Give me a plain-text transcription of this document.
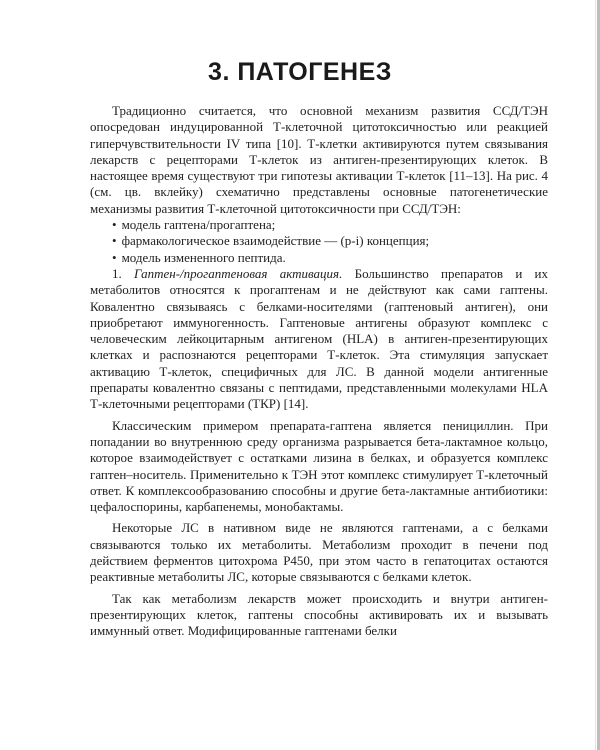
3. ПАТОГЕНЕЗ

Традиционно считается, что основной механизм развития ССД/ТЭН опосредован индуцированной Т-клеточной цитотоксичностью или реакцией гиперчувствительности IV типа [10]. Т-клетки активируются путем связывания лекарств с рецепторами Т-клеток из антиген-презентирующих клеток. В настоящее время существуют три гипотезы активации Т-клеток [11–13]. На рис. 4 (см. цв. вклейку) схематично представлены основные патогенетические механизмы развития Т-клеточной цитотоксичности при ССД/ТЭН:

• модель гаптена/прогаптена;
• фармакологическое взаимодействие — (p-i) концепция;
• модель измененного пептида.

1. Гаптен-/прогаптеновая активация. Большинство препаратов и их метаболитов относятся к прогаптенам и не действуют как сами гаптены. Ковалентно связываясь с белками-носителями (гаптеновый антиген), они приобретают иммуногенность. Гаптеновые антигены образуют комплекс с человеческим лейкоцитарным антигеном (HLA) в антиген-презентирующих клетках и распознаются рецепторами Т-клеток. Эта стимуляция запускает активацию Т-клеток, специфичных для ЛС. В данной модели антигенные препараты ковалентно связаны с пептидами, представленными молекулами HLA Т-клеточными рецепторами (ТКР) [14].

Классическим примером препарата-гаптена является пенициллин. При попадании во внутреннюю среду организма разрывается бета-лактамное кольцо, которое взаимодействует с остатками лизина в белках, и образуется комплекс гаптен–носитель. Применительно к ТЭН этот комплекс стимулирует Т-клеточный ответ. К комплексообразованию способны и другие бета-лактамные антибиотики: цефалоспорины, карбапенемы, монобактамы.

Некоторые ЛС в нативном виде не являются гаптенами, а с белками связываются только их метаболиты. Метаболизм проходит в печени под действием ферментов цитохрома P450, при этом часто в гепатоцитах остаются реактивные метаболиты ЛС, которые связываются с белками клеток.

Так как метаболизм лекарств может происходить и внутри антиген-презентирующих клеток, гаптены способны активировать их и вызывать иммунный ответ. Модифицированные гаптенами белки
